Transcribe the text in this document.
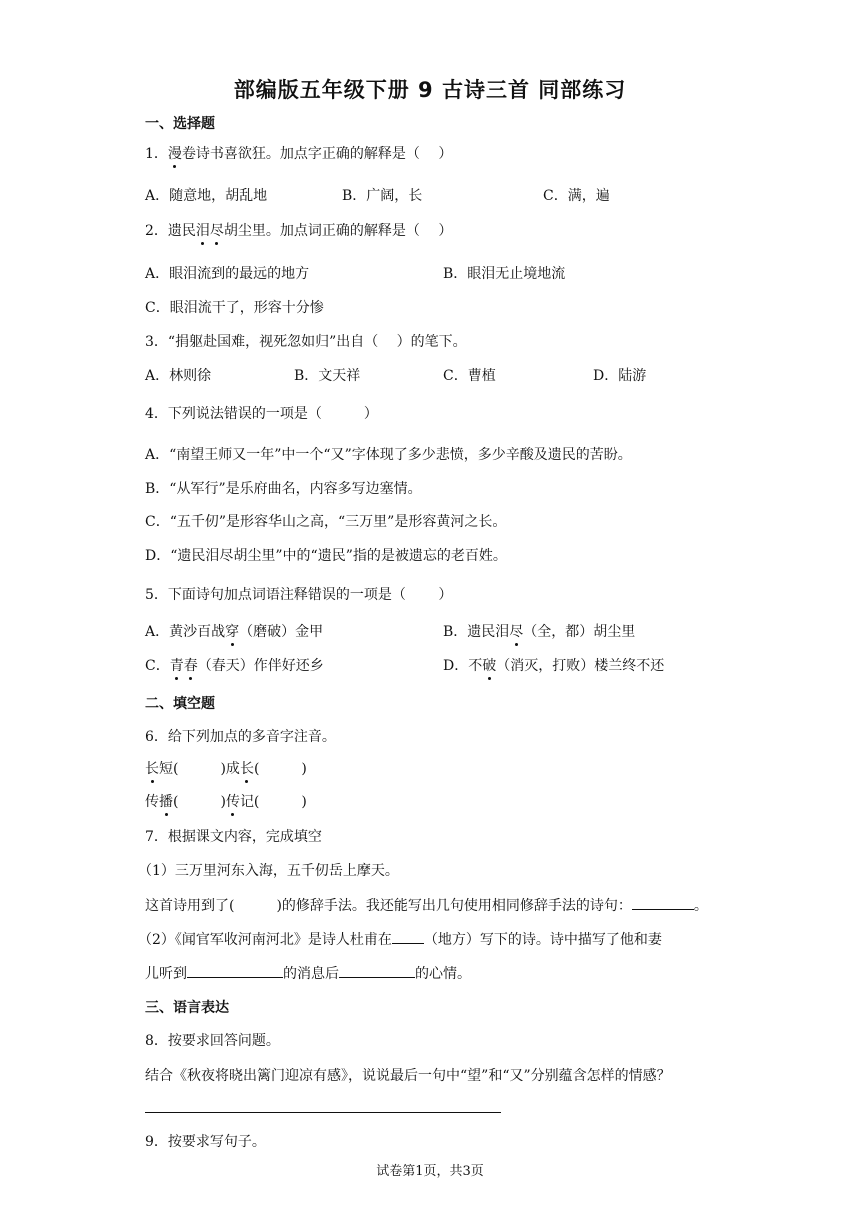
部编版五年级下册 9 古诗三首 同部练习
一、选择题
1．漫卷诗书喜欲狂。加点字正确的解释是（　 ）
A．随意地，胡乱地	B．广阔，长	C．满，遍
2．遗民泪尽胡尘里。加点词正确的解释是（　 ）
A．眼泪流到的最远的地方	B．眼泪无止境地流
C．眼泪流干了，形容十分惨
3．“捐躯赴国难，视死忽如归”出自（　 ）的笔下。
A．林则徐	B．文天祥	C．曹植	D．陆游
4．下列说法错误的一项是（　　　）
A．“南望王师又一年”中一个“又”字体现了多少悲愤，多少辛酸及遗民的苦盼。
B．“从军行”是乐府曲名，内容多写边塞情。
C．“五千仞”是形容华山之高，“三万里”是形容黄河之长。
D．“遗民泪尽胡尘里”中的“遗民”指的是被遗忘的老百姓。
5．下面诗句加点词语注释错误的一项是（　　 ）
A．黄沙百战穿（磨破）金甲	B．遗民泪尽（全，都）胡尘里
C．青春（春天）作伴好还乡	D．不破（消灭，打败）楼兰终不还
二、填空题
6．给下列加点的多音字注音。
长短(　　　)成长(　　　)
传播(　　　)传记(　　　)
7．根据课文内容，完成填空
（1）三万里河东入海，五千仞岳上摩天。
这首诗用到了(　　　)的修辞手法。我还能写出几句使用相同修辞手法的诗句：	。
（2）《闻官军收河南河北》是诗人杜甫在 （地方）写下的诗。诗中描写了他和妻
儿听到	的消息后	的心情。
三、语言表达
8．按要求回答问题。
结合《秋夜将晓出篱门迎凉有感》，说说最后一句中“望”和“又”分别蕴含怎样的情感？
9．按要求写句子。
试卷第1页，共3页
